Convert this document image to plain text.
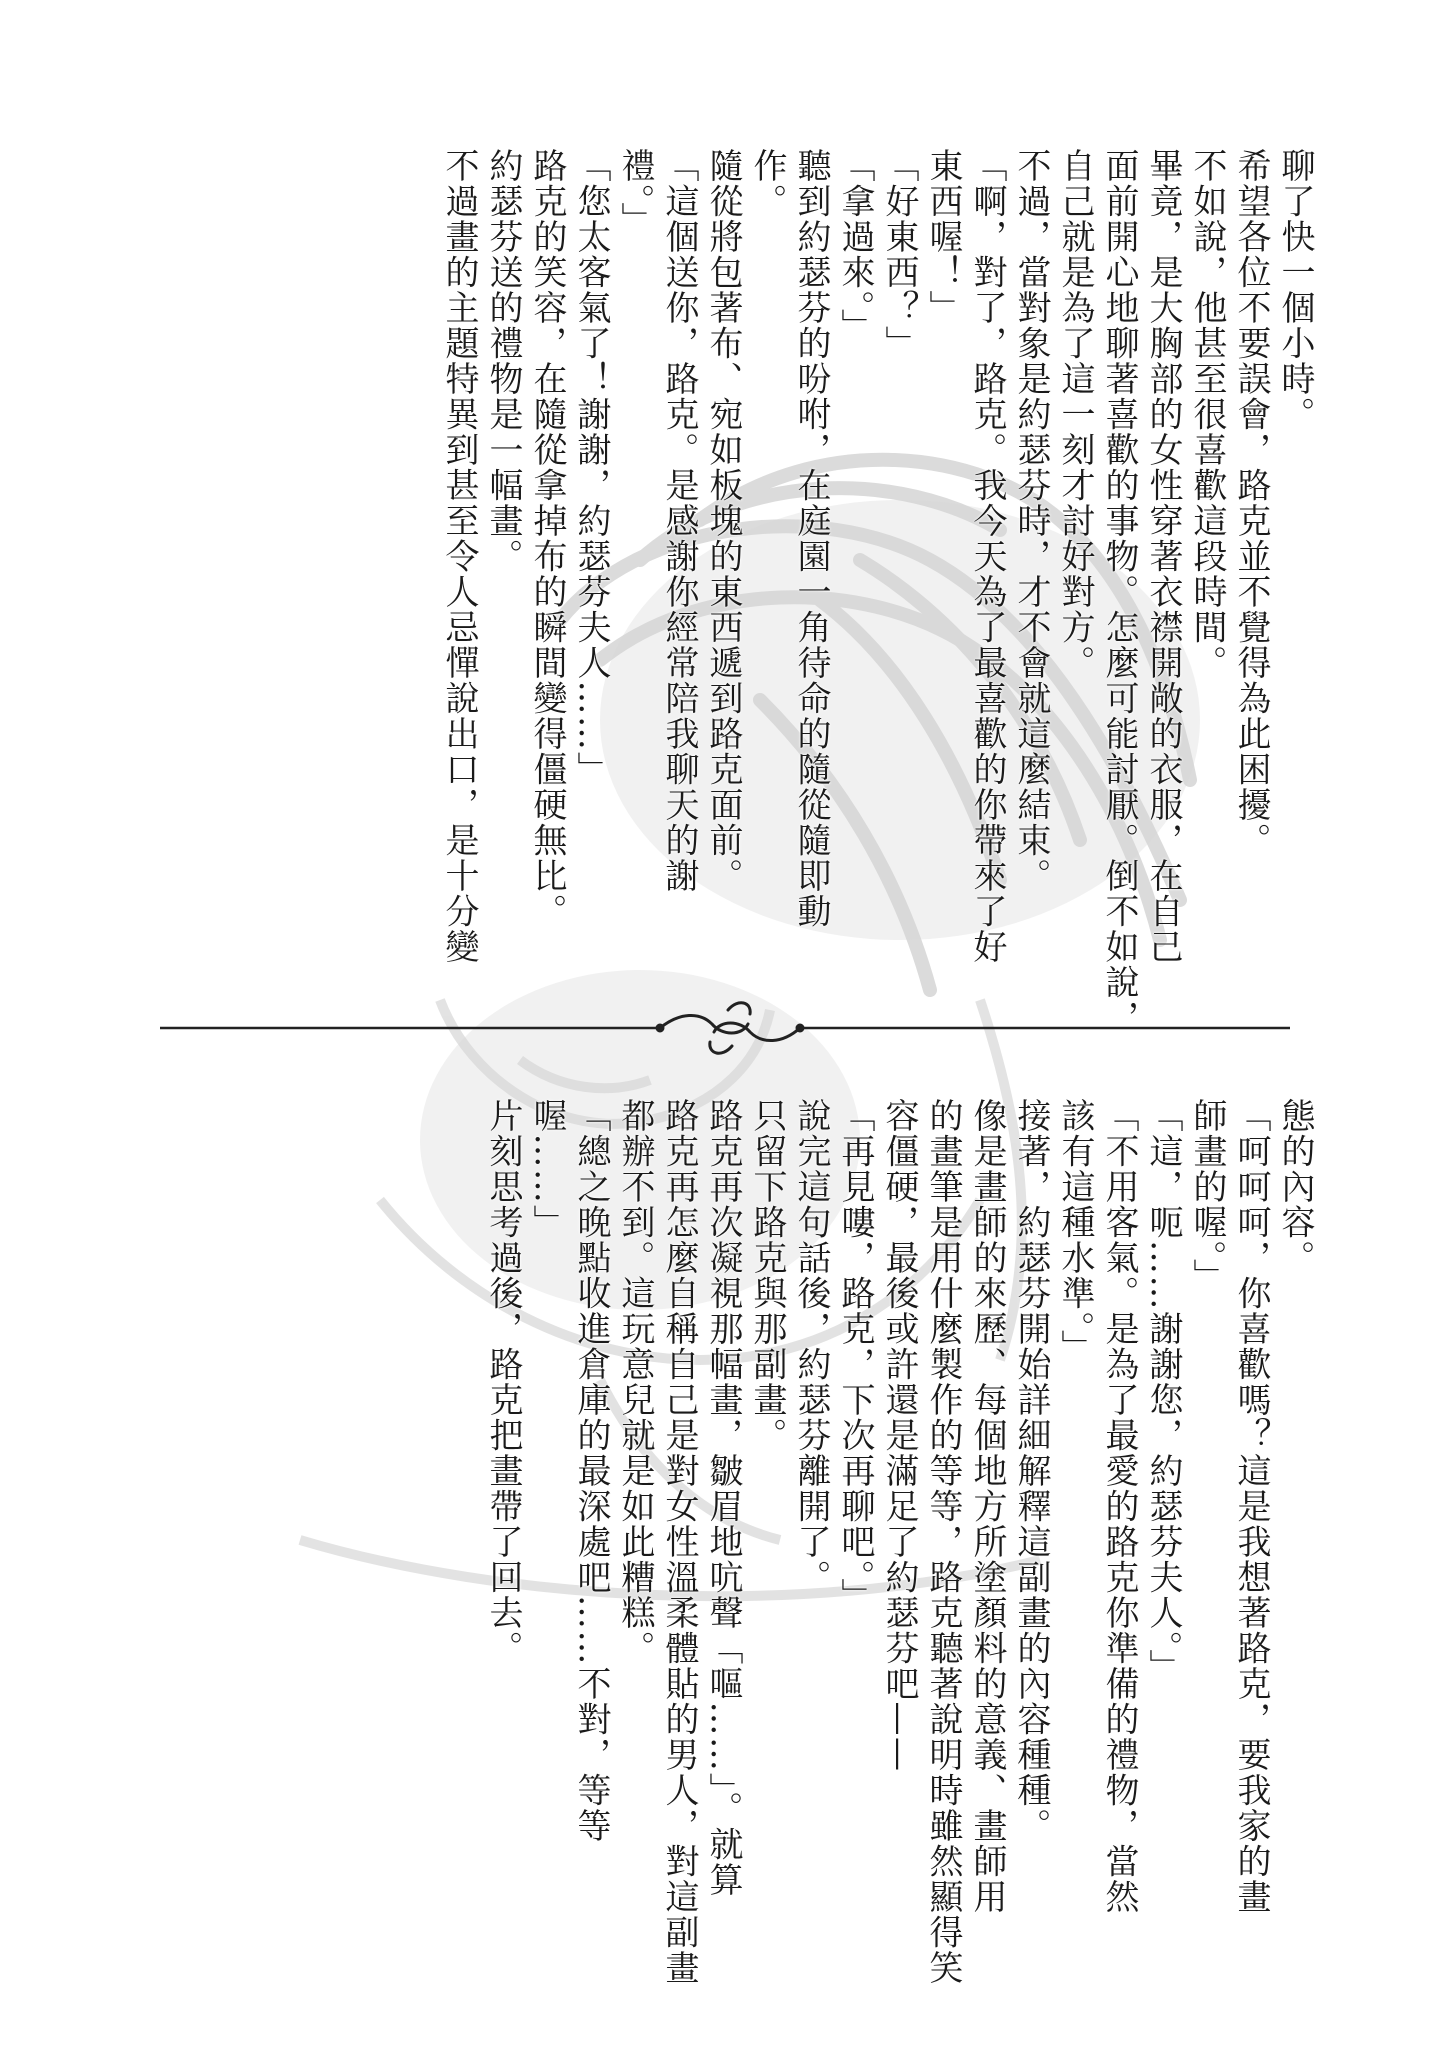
聊了快一個小時。

希望各位不要誤會，路克並不覺得為此困擾。

不如說，他甚至很喜歡這段時間。

畢竟，是大胸部的女性穿著衣襟開敞的衣服，在自己

面前開心地聊著喜歡的事物。怎麼可能討厭。倒不如說，

自己就是為了這一刻才討好對方。

不過，當對象是約瑟芬時，才不會就這麼結束。

「啊，對了，路克。我今天為了最喜歡的你帶來了好

東西喔！」

「好東西？」

「拿過來。」

聽到約瑟芬的吩咐，在庭園一角待命的隨從隨即動

作。

隨從將包著布、宛如板塊的東西遞到路克面前。

「這個送你，路克。是感謝你經常陪我聊天的謝

禮。」

「您太客氣了！謝謝，約瑟芬夫人……」

路克的笑容，在隨從拿掉布的瞬間變得僵硬無比。

約瑟芬送的禮物是一幅畫。

不過畫的主題特異到甚至令人忌憚說出口，是十分變

態的內容。

「呵呵呵，你喜歡嗎？這是我想著路克，要我家的畫

師畫的喔。」

「這，呃……謝謝您，約瑟芬夫人。」

「不用客氣。是為了最愛的路克你準備的禮物，當然

該有這種水準。」

接著，約瑟芬開始詳細解釋這副畫的內容種種。

像是畫師的來歷、每個地方所塗顏料的意義、畫師用

的畫筆是用什麼製作的等等，路克聽著說明時雖然顯得笑

容僵硬，最後或許還是滿足了約瑟芬吧——

「再見嘍，路克，下次再聊吧。」

說完這句話後，約瑟芬離開了。

只留下路克與那副畫。

路克再次凝視那幅畫，皺眉地吭聲「嘔……」。就算

路克再怎麼自稱自己是對女性溫柔體貼的男人，對這副畫

都辦不到。這玩意兒就是如此糟糕。

「總之晚點收進倉庫的最深處吧……不對，等等

喔……」

片刻思考過後，路克把畫帶了回去。
